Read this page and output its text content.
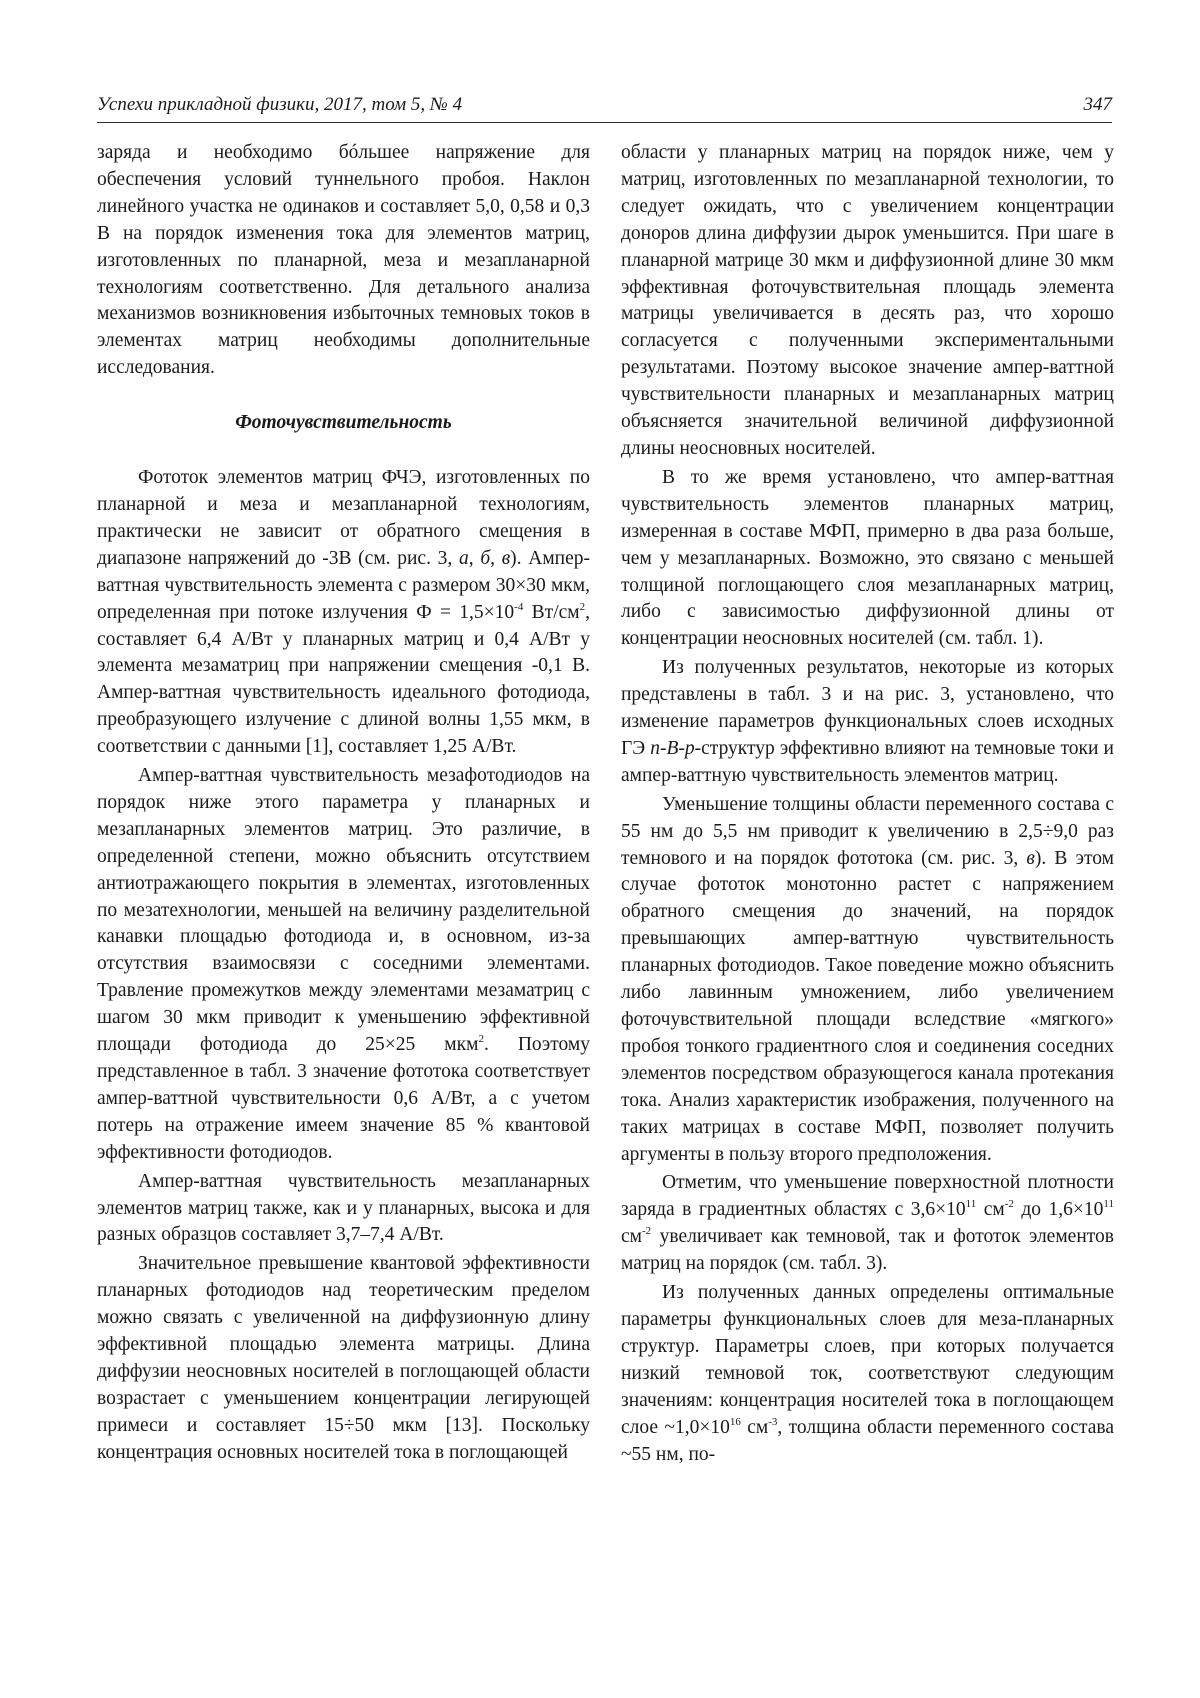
Успехи прикладной физики, 2017, том 5, № 4	347

заряда и необходимо бóльшее напряжение для обеспечения условий туннельного пробоя. Наклон линейного участка не одинаков и составляет 5,0, 0,58 и 0,3 В на порядок изменения тока для элементов матриц, изготовленных по планарной, меза и мезапланарной технологиям соответственно. Для детального анализа механизмов возникновения избыточных темновых токов в элементах матриц необходимы дополнительные исследования.

Фоточувствительность

Фототок элементов матриц ФЧЭ, изготовленных по планарной и меза и мезапланарной технологиям, практически не зависит от обратного смещения в диапазоне напряжений до -3В (см. рис. 3, а, б, в). Ампер-ваттная чувствительность элемента с размером 30×30 мкм, определенная при потоке излучения $Ф = 1,5\times 10^{-4}$ $Вт/см^2$, составляет 6,4 А/Вт у планарных матриц и 0,4 А/Вт у элемента мезаматриц при напряжении смещения -0,1 В. Ампер-ваттная чувствительность идеального фотодиода, преобразующего излучение с длиной волны 1,55 мкм, в соответствии с данными [1], составляет 1,25 А/Вт.

Ампер-ваттная чувствительность мезафотодиодов на порядок ниже этого параметра у планарных и мезапланарных элементов матриц. Это различие, в определенной степени, можно объяснить отсутствием антиотражающего покрытия в элементах, изготовленных по мезатехнологии, меньшей на величину разделительной канавки площадью фотодиода и, в основном, из-за отсутствия взаимосвязи с соседними элементами. Травление промежутков между элементами мезаматриц с шагом 30 мкм приводит к уменьшению эффективной площади фотодиода до 25×25 мкм$^2$. Поэтому представленное в табл. 3 значение фототока соответствует ампер-ваттной чувствительности 0,6 А/Вт, а с учетом потерь на отражение имеем значение 85 % квантовой эффективности фотодиодов.

Ампер-ваттная чувствительность мезапланарных элементов матриц также, как и у планарных, высока и для разных образцов составляет 3,7–7,4 А/Вт.

Значительное превышение квантовой эффективности планарных фотодиодов над теоретическим пределом можно связать с увеличенной на диффузионную длину эффективной площадью элемента матрицы. Длина диффузии неосновных носителей в поглощающей области возрастает с уменьшением концентрации легирующей примеси и составляет 15÷50 мкм [13]. Поскольку концентрация основных носителей тока в поглощающей

области у планарных матриц на порядок ниже, чем у матриц, изготовленных по мезапланарной технологии, то следует ожидать, что с увеличением концентрации доноров длина диффузии дырок уменьшится. При шаге в планарной матрице 30 мкм и диффузионной длине 30 мкм эффективная фоточувствительная площадь элемента матрицы увеличивается в десять раз, что хорошо согласуется с полученными экспериментальными результатами. Поэтому высокое значение ампер-ваттной чувствительности планарных и мезапланарных матриц объясняется значительной величиной диффузионной длины неосновных носителей.

В то же время установлено, что ампер-ваттная чувствительность элементов планарных матриц, измеренная в составе МФП, примерно в два раза больше, чем у мезапланарных. Возможно, это связано с меньшей толщиной поглощающего слоя мезапланарных матриц, либо с зависимостью диффузионной длины от концентрации неосновных носителей (см. табл. 1).

Из полученных результатов, некоторые из которых представлены в табл. 3 и на рис. 3, установлено, что изменение параметров функциональных слоев исходных ГЭ n-B-p-структур эффективно влияют на темновые токи и ампер-ваттную чувствительность элементов матриц.

Уменьшение толщины области переменного состава с 55 нм до 5,5 нм приводит к увеличению в 2,5÷9,0 раз темнового и на порядок фототока (см. рис. 3, в). В этом случае фототок монотонно растет с напряжением обратного смещения до значений, на порядок превышающих ампер-ваттную чувствительность планарных фотодиодов. Такое поведение можно объяснить либо лавинным умножением, либо увеличением фоточувствительной площади вследствие «мягкого» пробоя тонкого градиентного слоя и соединения соседних элементов посредством образующегося канала протекания тока. Анализ характеристик изображения, полученного на таких матрицах в составе МФП, позволяет получить аргументы в пользу второго предположения.

Отметим, что уменьшение поверхностной плотности заряда в градиентных областях с $3,6\times 10^{11}$ $см^{-2}$ до $1,6\times 10^{11}$ $см^{-2}$ увеличивает как темновой, так и фототок элементов матриц на порядок (см. табл. 3).

Из полученных данных определены оптимальные параметры функциональных слоев для меза-планарных структур. Параметры слоев, при которых получается низкий темновой ток, соответствуют следующим значениям: концентрация носителей тока в поглощающем слое $\sim 1,0\times 10^{16}$ $см^{-3}$, толщина области переменного состава ~55 нм, по-
